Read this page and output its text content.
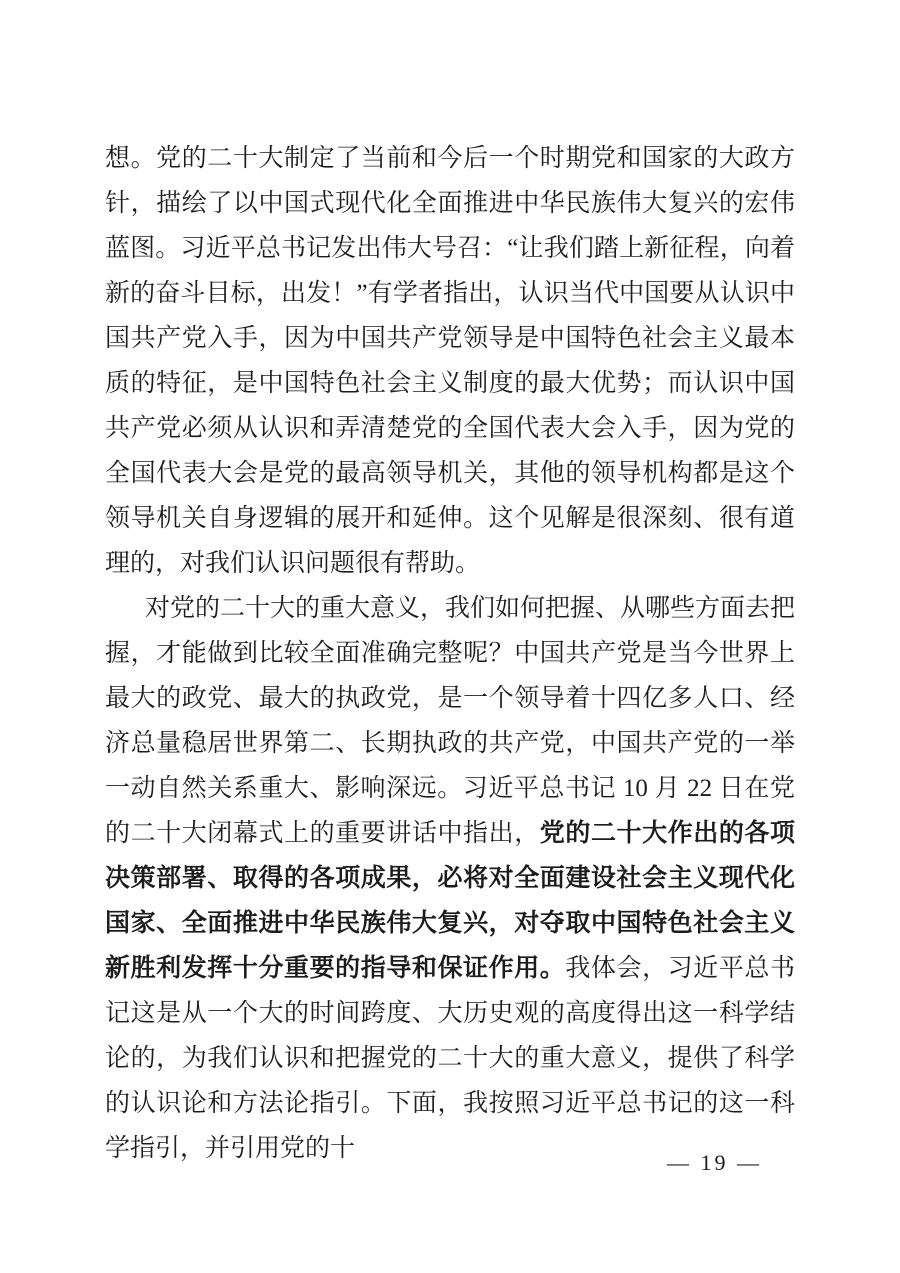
想。党的二十大制定了当前和今后一个时期党和国家的大政方针，描绘了以中国式现代化全面推进中华民族伟大复兴的宏伟蓝图。习近平总书记发出伟大号召：“让我们踏上新征程，向着新的奋斗目标，出发！”有学者指出，认识当代中国要从认识中国共产党入手，因为中国共产党领导是中国特色社会主义最本质的特征，是中国特色社会主义制度的最大优势；而认识中国共产党必须从认识和弄清楚党的全国代表大会入手，因为党的全国代表大会是党的最高领导机关，其他的领导机构都是这个领导机关自身逻辑的展开和延伸。这个见解是很深刻、很有道理的，对我们认识问题很有帮助。

对党的二十大的重大意义，我们如何把握、从哪些方面去把握，才能做到比较全面准确完整呢？中国共产党是当今世界上最大的政党、最大的执政党，是一个领导着十四亿多人口、经济总量稳居世界第二、长期执政的共产党，中国共产党的一举一动自然关系重大、影响深远。习近平总书记 10 月 22 日在党的二十大闭幕式上的重要讲话中指出，党的二十大作出的各项决策部署、取得的各项成果，必将对全面建设社会主义现代化国家、全面推进中华民族伟大复兴，对夺取中国特色社会主义新胜利发挥十分重要的指导和保证作用。我体会，习近平总书记这是从一个大的时间跨度、大历史观的高度得出这一科学结论的，为我们认识和把握党的二十大的重大意义，提供了科学的认识论和方法论指引。下面，我按照习近平总书记的这一科学指引，并引用党的十

— 19 —
